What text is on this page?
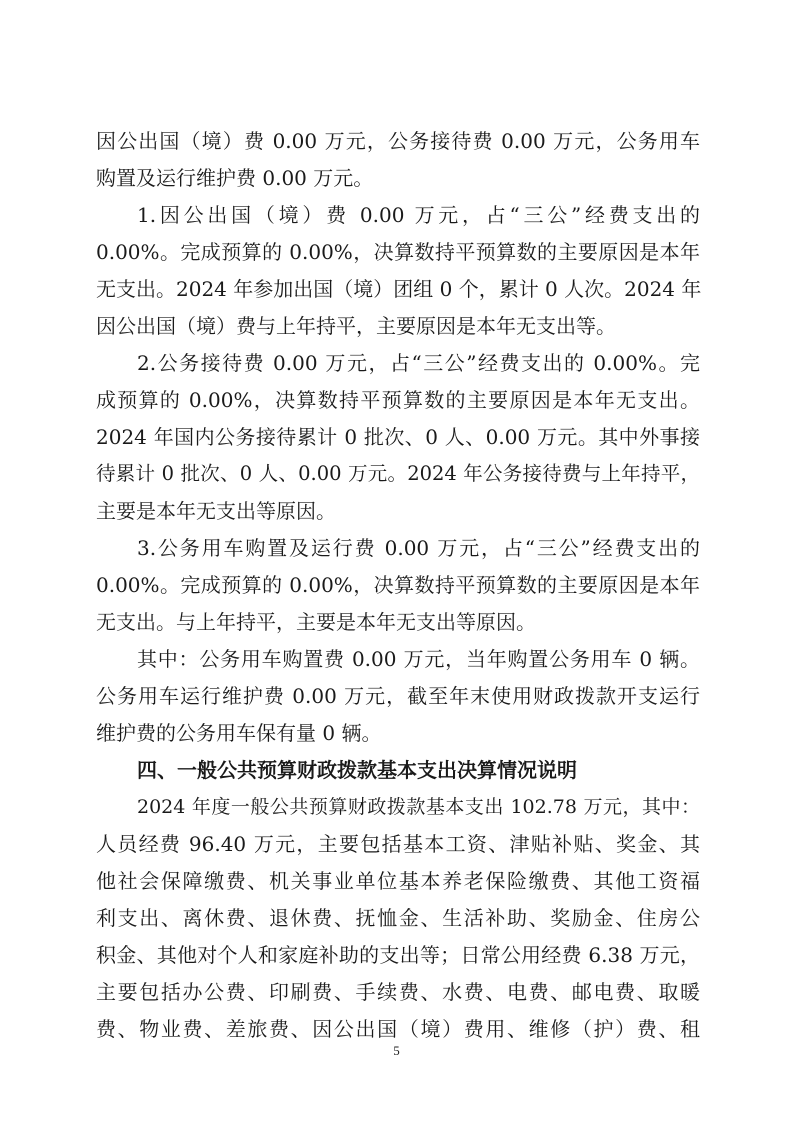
因公出国（境）费 0.00 万元，公务接待费 0.00 万元，公务用车
购置及运行维护费 0.00 万元。
1.因公出国（境）费 0.00 万元，占“三公”经费支出的
0.00%。完成预算的 0.00%，决算数持平预算数的主要原因是本年
无支出。2024 年参加出国（境）团组 0 个，累计 0 人次。2024 年
因公出国（境）费与上年持平，主要原因是本年无支出等。
2.公务接待费 0.00 万元，占“三公”经费支出的 0.00%。完
成预算的 0.00%，决算数持平预算数的主要原因是本年无支出。
2024 年国内公务接待累计 0 批次、0 人、0.00 万元。其中外事接
待累计 0 批次、0 人、0.00 万元。2024 年公务接待费与上年持平，
主要是本年无支出等原因。
3.公务用车购置及运行费 0.00 万元，占“三公”经费支出的
0.00%。完成预算的 0.00%，决算数持平预算数的主要原因是本年
无支出。与上年持平，主要是本年无支出等原因。
其中：公务用车购置费 0.00 万元，当年购置公务用车 0 辆。
公务用车运行维护费 0.00 万元，截至年末使用财政拨款开支运行
维护费的公务用车保有量 0 辆。
四、一般公共预算财政拨款基本支出决算情况说明
2024 年度一般公共预算财政拨款基本支出 102.78 万元，其中：
人员经费 96.40 万元，主要包括基本工资、津贴补贴、奖金、其
他社会保障缴费、机关事业单位基本养老保险缴费、其他工资福
利支出、离休费、退休费、抚恤金、生活补助、奖励金、住房公
积金、其他对个人和家庭补助的支出等；日常公用经费 6.38 万元，
主要包括办公费、印刷费、手续费、水费、电费、邮电费、取暖
费、物业费、差旅费、因公出国（境）费用、维修（护）费、租
5
